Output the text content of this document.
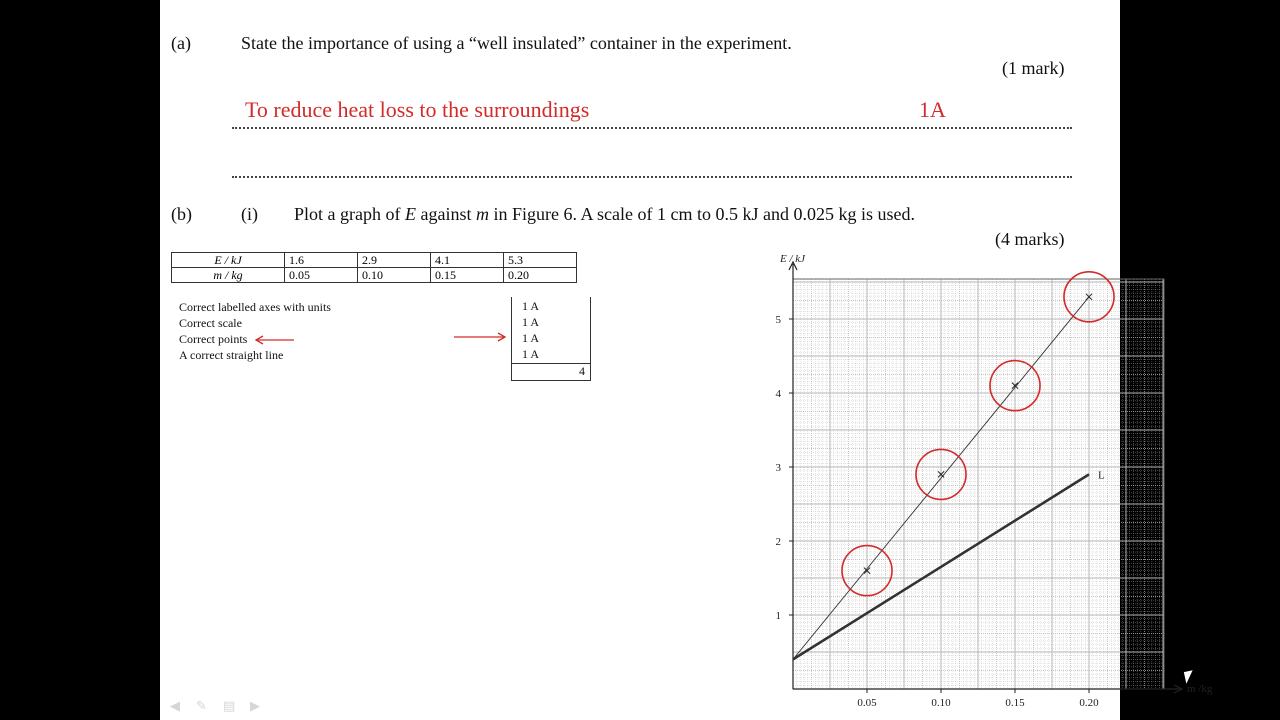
(a)	State the importance of using a “well insulated” container in the experiment.
(1 mark)
To reduce heat loss to the surroundings	1A
(b)	(i) Plot a graph of E against m in Figure 6. A scale of 1 cm to 0.5 kJ and 0.025 kg is used.
(4 marks)
E / kJ	1.6	2.9	4.1	5.3
m / kg	0.05	0.10	0.15	0.20
Correct labelled axes with units
Correct scale
Correct points
A correct straight line
1 A
1 A
1 A
1 A
4
0.05	0.10	0.15	0.20
1
2
3
4
5
E / kJ
m /kg
L
◀ ✎ ▤ ▶
